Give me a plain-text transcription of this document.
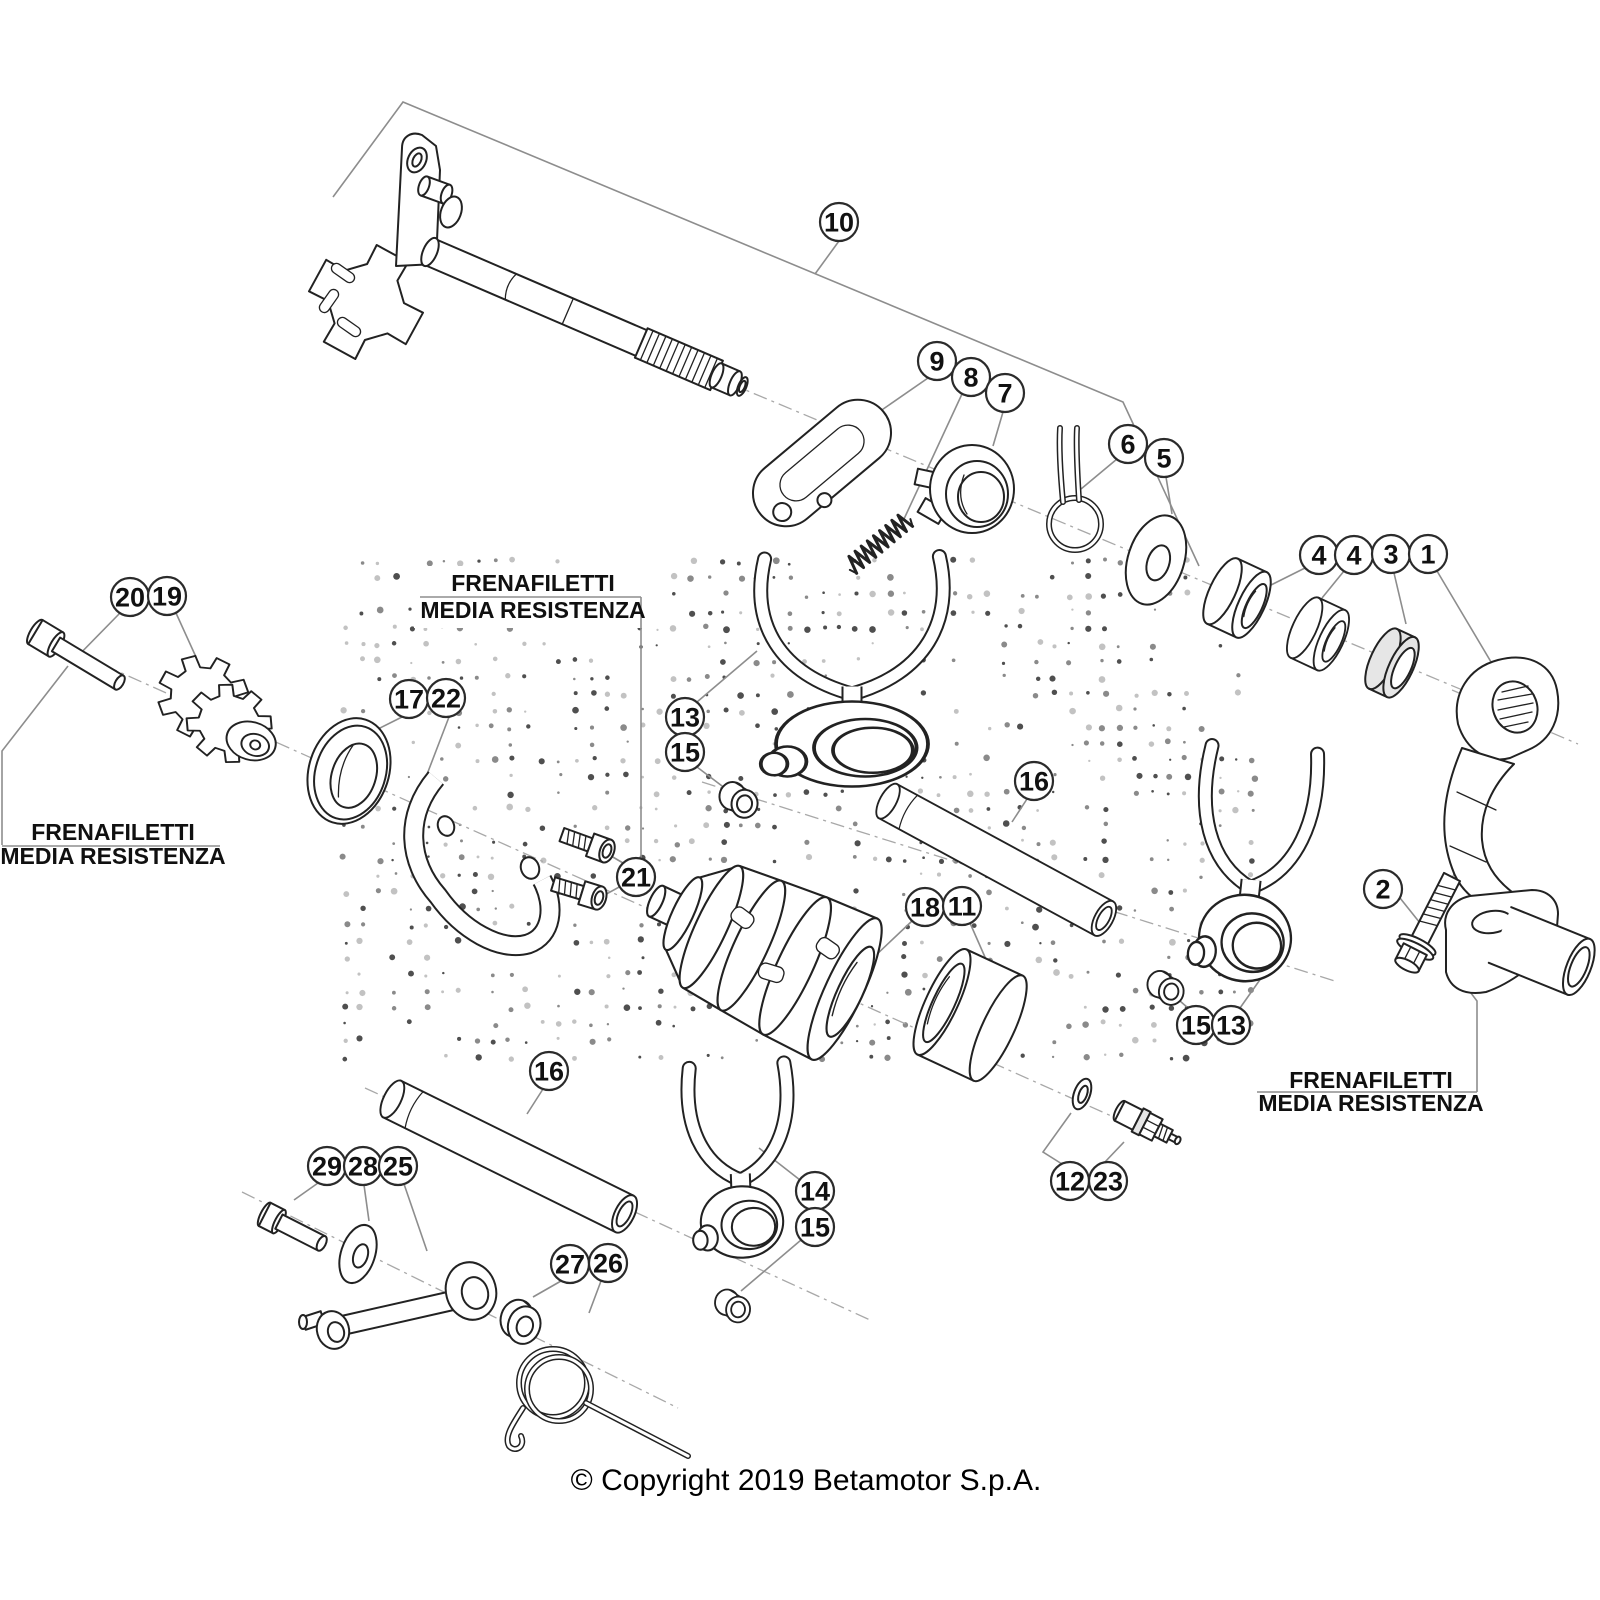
10
9
8
7
6 5
4 4 3 1
2
20 19
17 22
13
15
21
16
18 11
15 13
16
14
15
29 28 25
27 26
12 23
FRENAFILETTI
MEDIA RESISTENZA
FRENAFILETTI
MEDIA RESISTENZA
FRENAFILETTI
MEDIA RESISTENZA
© Copyright 2019 Betamotor S.p.A.
